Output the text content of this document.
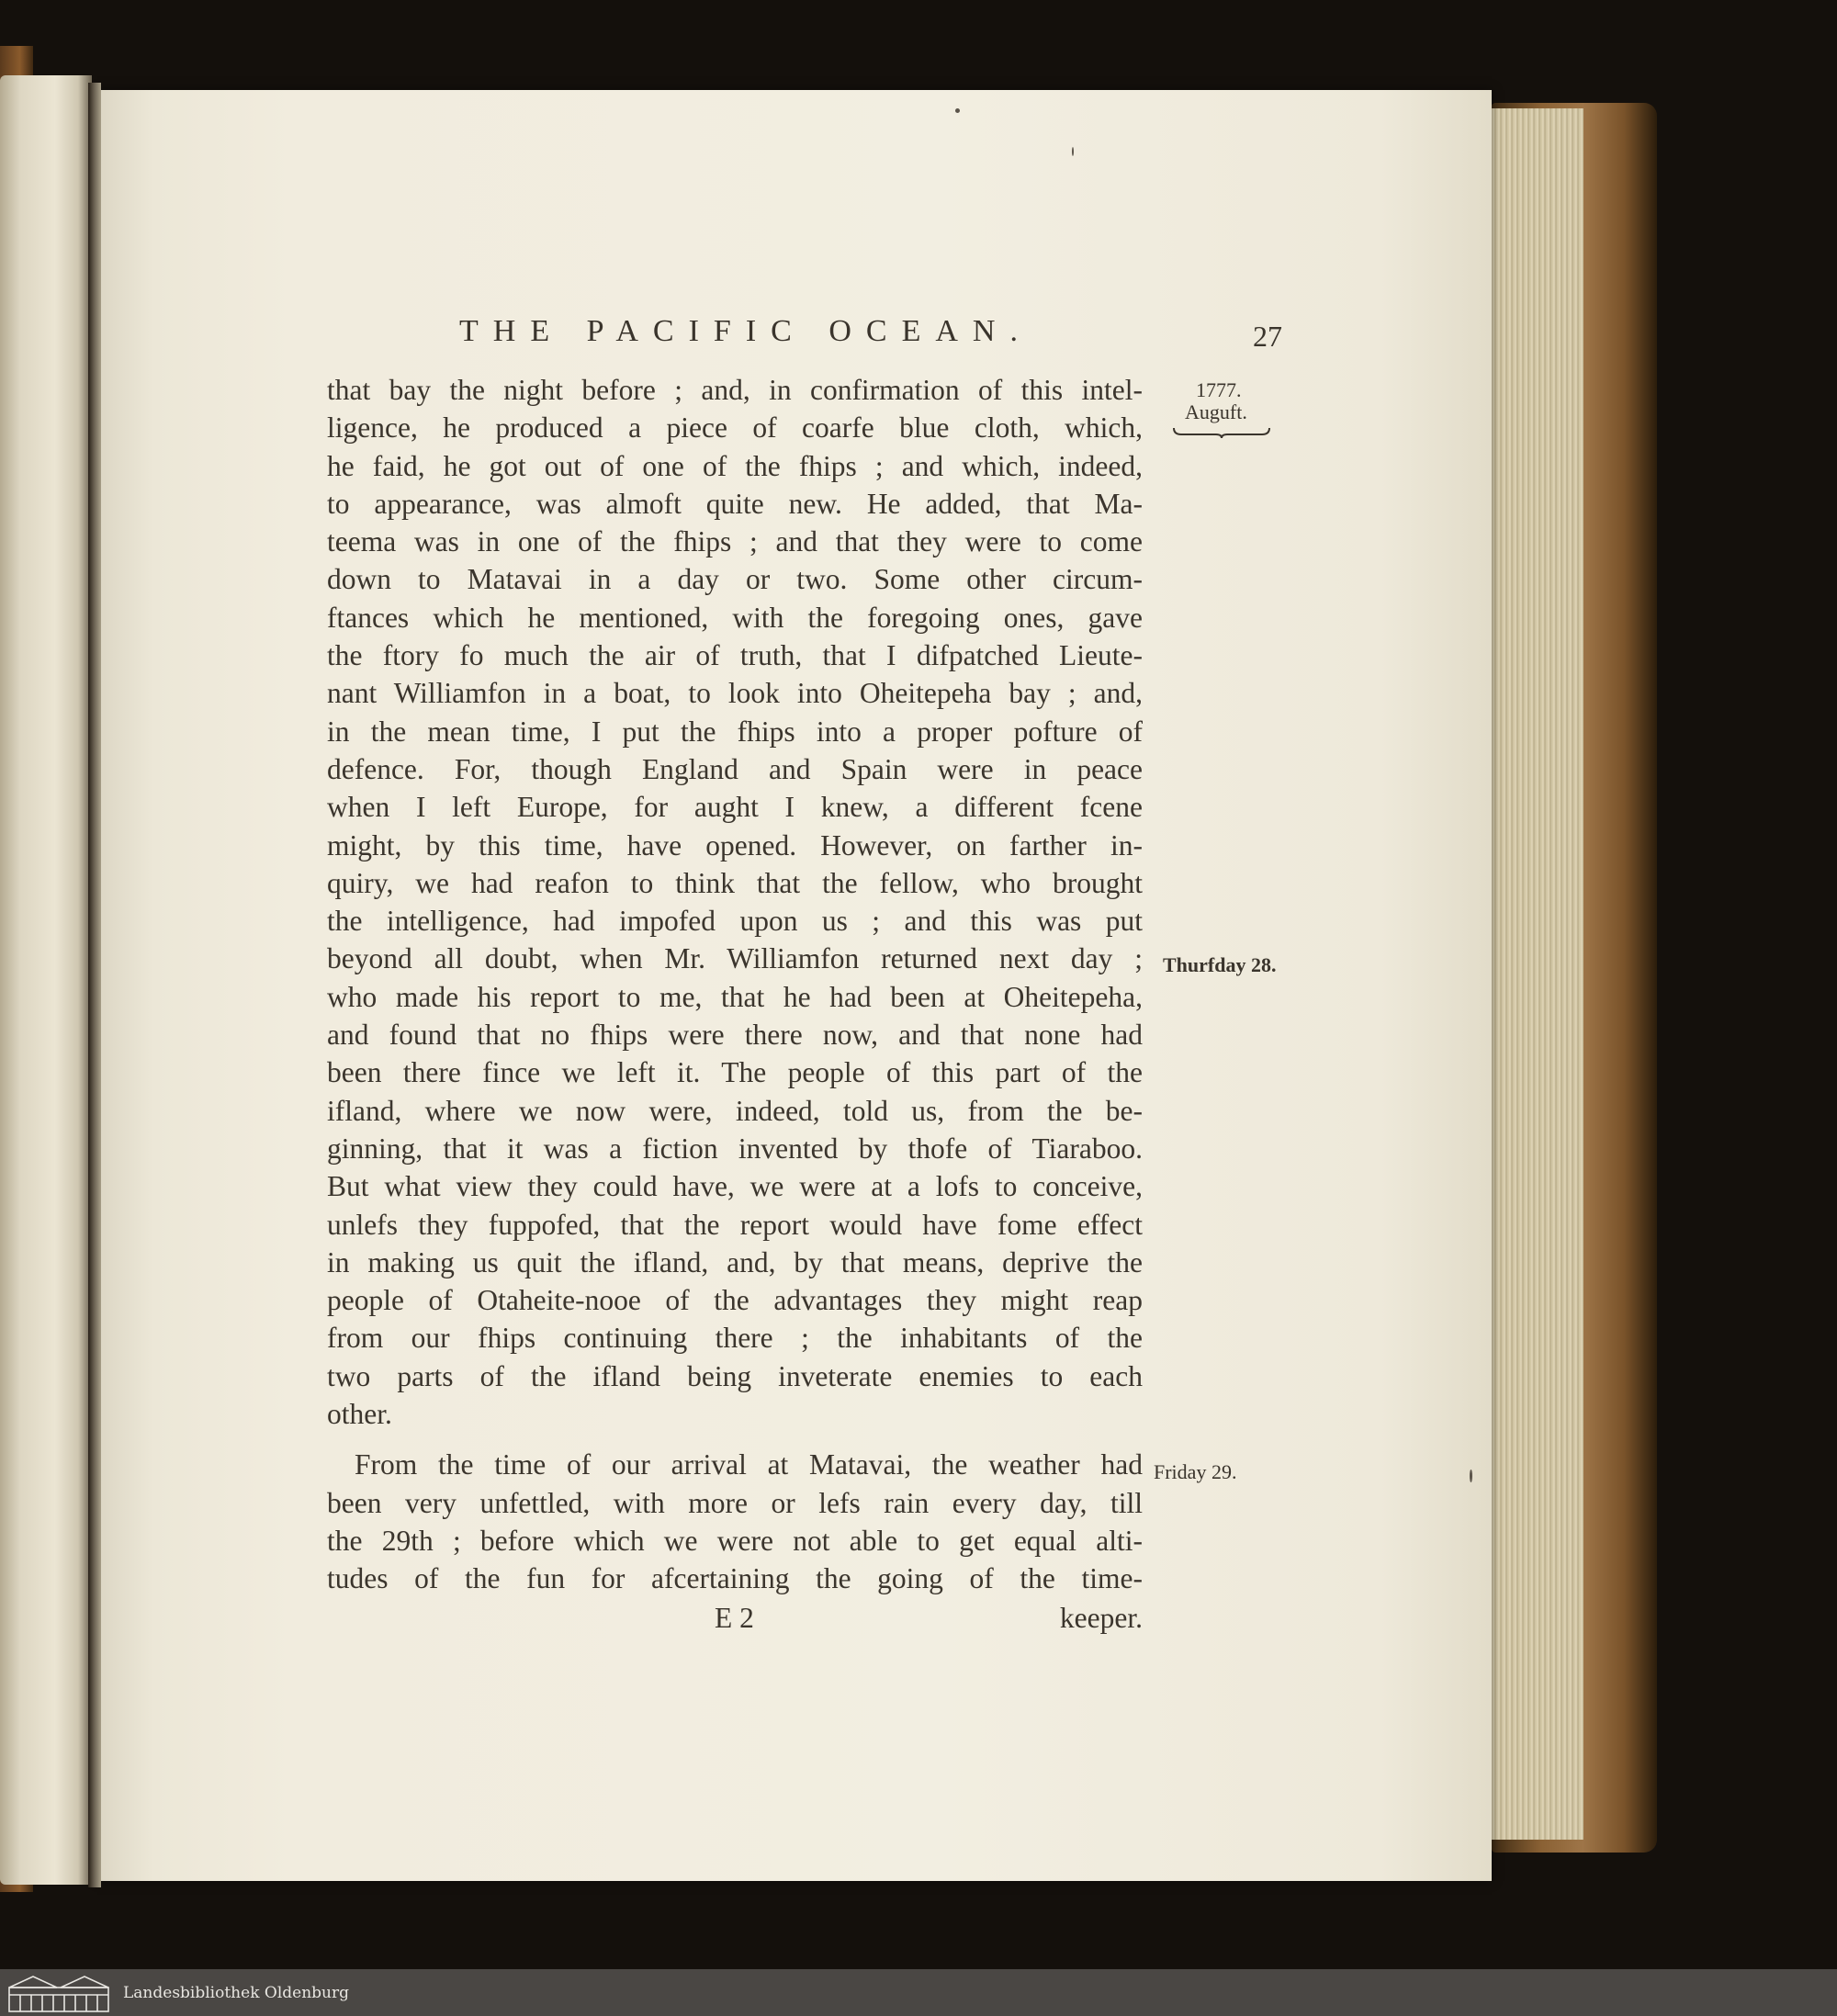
THE PACIFIC OCEAN.	27
1777.
Auguft.
Thurfday 28.
Friday 29.
that bay the night before ; and, in confirmation of this intel-
ligence, he produced a piece of coarfe blue cloth, which,
he faid, he got out of one of the fhips ; and which, indeed,
to appearance, was almoft quite new. He added, that Ma-
teema was in one of the fhips ; and that they were to come
down to Matavai in a day or two. Some other circum-
ftances which he mentioned, with the foregoing ones, gave
the ftory fo much the air of truth, that I difpatched Lieute-
nant Williamfon in a boat, to look into Oheitepeha bay ; and,
in the mean time, I put the fhips into a proper pofture of
defence. For, though England and Spain were in peace
when I left Europe, for aught I knew, a different fcene
might, by this time, have opened. However, on farther in-
quiry, we had reafon to think that the fellow, who brought
the intelligence, had impofed upon us ; and this was put
beyond all doubt, when Mr. Williamfon returned next day ;
who made his report to me, that he had been at Oheitepeha,
and found that no fhips were there now, and that none had
been there fince we left it. The people of this part of the
ifland, where we now were, indeed, told us, from the be-
ginning, that it was a fiction invented by thofe of Tiaraboo.
But what view they could have, we were at a lofs to conceive,
unlefs they fuppofed, that the report would have fome effect
in making us quit the ifland, and, by that means, deprive the
people of Otaheite-nooe of the advantages they might reap
from our fhips continuing there ; the inhabitants of the
two parts of the ifland being inveterate enemies to each
other.
From the time of our arrival at Matavai, the weather had
been very unfettled, with more or lefs rain every day, till
the 29th ; before which we were not able to get equal alti-
tudes of the fun for afcertaining the going of the time-
E 2	keeper.
Landesbibliothek Oldenburg
